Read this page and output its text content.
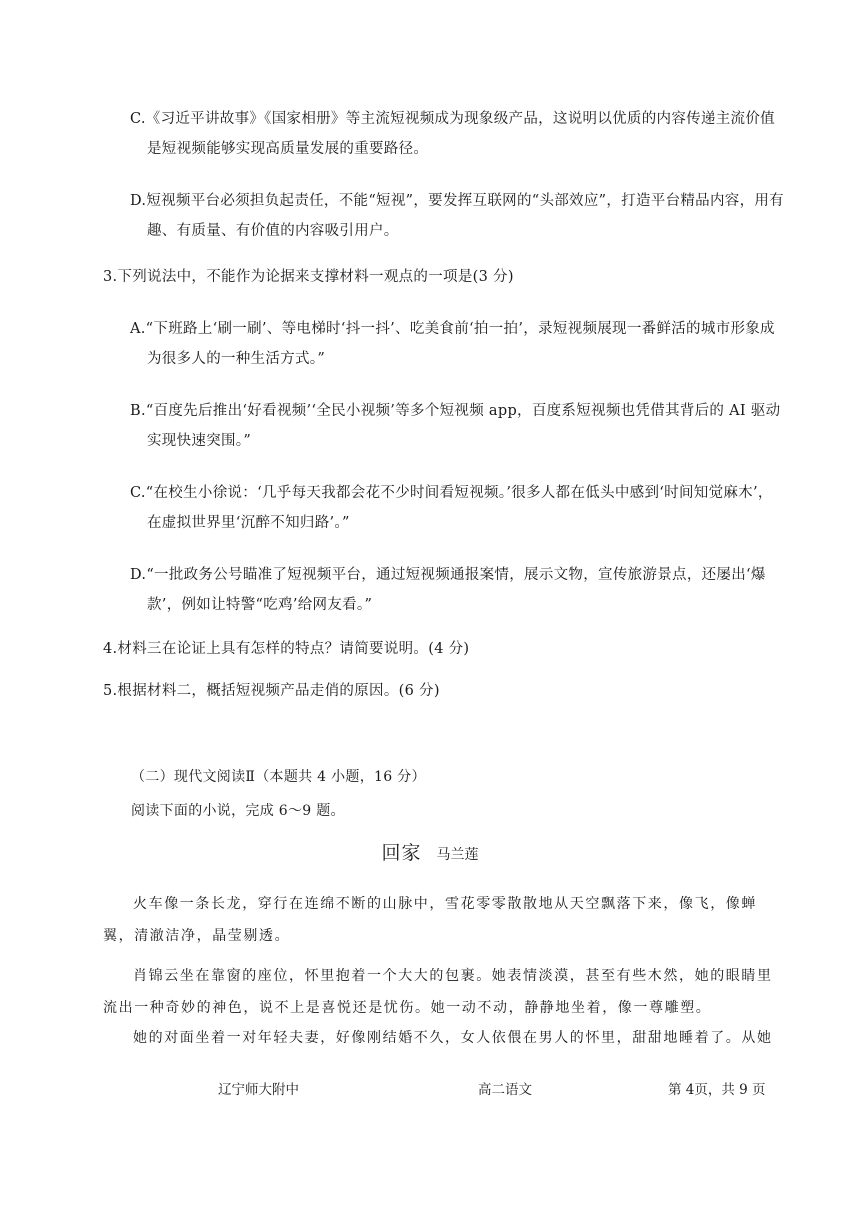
C.《习近平讲故事》《国家相册》等主流短视频成为现象级产品，这说明以优质的内容传递主流价值是短视频能够实现高质量发展的重要路径。
D.短视频平台必须担负起责任，不能“短视”，要发挥互联网的“头部效应”，打造平台精品内容，用有趣、有质量、有价值的内容吸引用户。
3.下列说法中，不能作为论据来支撑材料一观点的一项是(3 分)
A.“下班路上‘刷一刷’、等电梯时‘抖一抖’、吃美食前‘拍一拍’，录短视频展现一番鲜活的城市形象成为很多人的一种生活方式。”
B.“百度先后推出‘好看视频’‘全民小视频’等多个短视频 app，百度系短视频也凭借其背后的 AI 驱动实现快速突围。”
C.“在校生小徐说：‘几乎每天我都会花不少时间看短视频。’很多人都在低头中感到‘时间知觉麻木’，在虚拟世界里‘沉醉不知归路’。”
D.“一批政务公号瞄准了短视频平台，通过短视频通报案情，展示文物，宣传旅游景点，还屡出‘爆款’，例如让特警“吃鸡’给网友看。”
4.材料三在论证上具有怎样的特点？请简要说明。(4 分)
5.根据材料二，概括短视频产品走俏的原因。(6 分)
（二）现代文阅读Ⅱ（本题共 4 小题，16 分）
阅读下面的小说，完成 6～9 题。
回家 马兰莲
火车像一条长龙，穿行在连绵不断的山脉中，雪花零零散散地从天空飘落下来，像飞，像蝉翼，清澈洁净，晶莹剔透。
肖锦云坐在靠窗的座位，怀里抱着一个大大的包裹。她表情淡漠，甚至有些木然，她的眼睛里流出一种奇妙的神色，说不上是喜悦还是忧伤。她一动不动，静静地坐着，像一尊雕塑。
她的对面坐着一对年轻夫妻，好像刚结婚不久，女人依偎在男人的怀里，甜甜地睡着了。从她
辽宁师大附中	高二语文	第 4页，共 9 页
